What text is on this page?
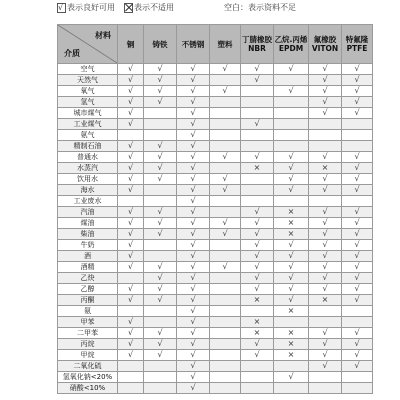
√
表示良好可用 表示不适用	空白：表示资料不足
材料
介质	铜	铸铁	不锈钢	塑料	丁腈橡胶NBR	乙烷.丙烯EPDM	氟橡胶VITON	特氟隆PTFE
空气	√	√	√	√	√	√	√	√
天然气	√	√	√		√		√	√
氧气	√	√	√	√		√	√	√
氢气	√	√	√				√	√
城市煤气	√		√				√	√
工业煤气	√		√		√			
氨气			√					
精制石油	√	√	√					
普通水	√	√	√	√	√	√	√	√
水蒸汽	√	√	√		×	√	×	√
饮用水	√	√	√	√		√	√	√
海水	√		√	√		√	√	√
工业废水			√					
汽油	√	√	√		√	×	√	√
煤油	√	√	√	√	√	×	√	√
柴油	√	√	√	√	√	×	√	√
牛奶	√		√		√	√	√	√
酒	√		√		√	√	√	√
酒精	√	√	√	√	√	√	√	√
乙炔		√	√		√	√	√	√
乙醇	√	√	√		√	√	√	√
丙酮	√	√	√		×	√	×	√
氨			√			×		
甲苯	√		√		×			
二甲苯	√	√	√		×	×	√	√
丙烷	√	√	√		√	×	√	√
甲烷	√	√	√		√	×	√	√
二氧化硫			√				√	√
氢氧化钠<20%			√			√		
硝酸<10%			√					
